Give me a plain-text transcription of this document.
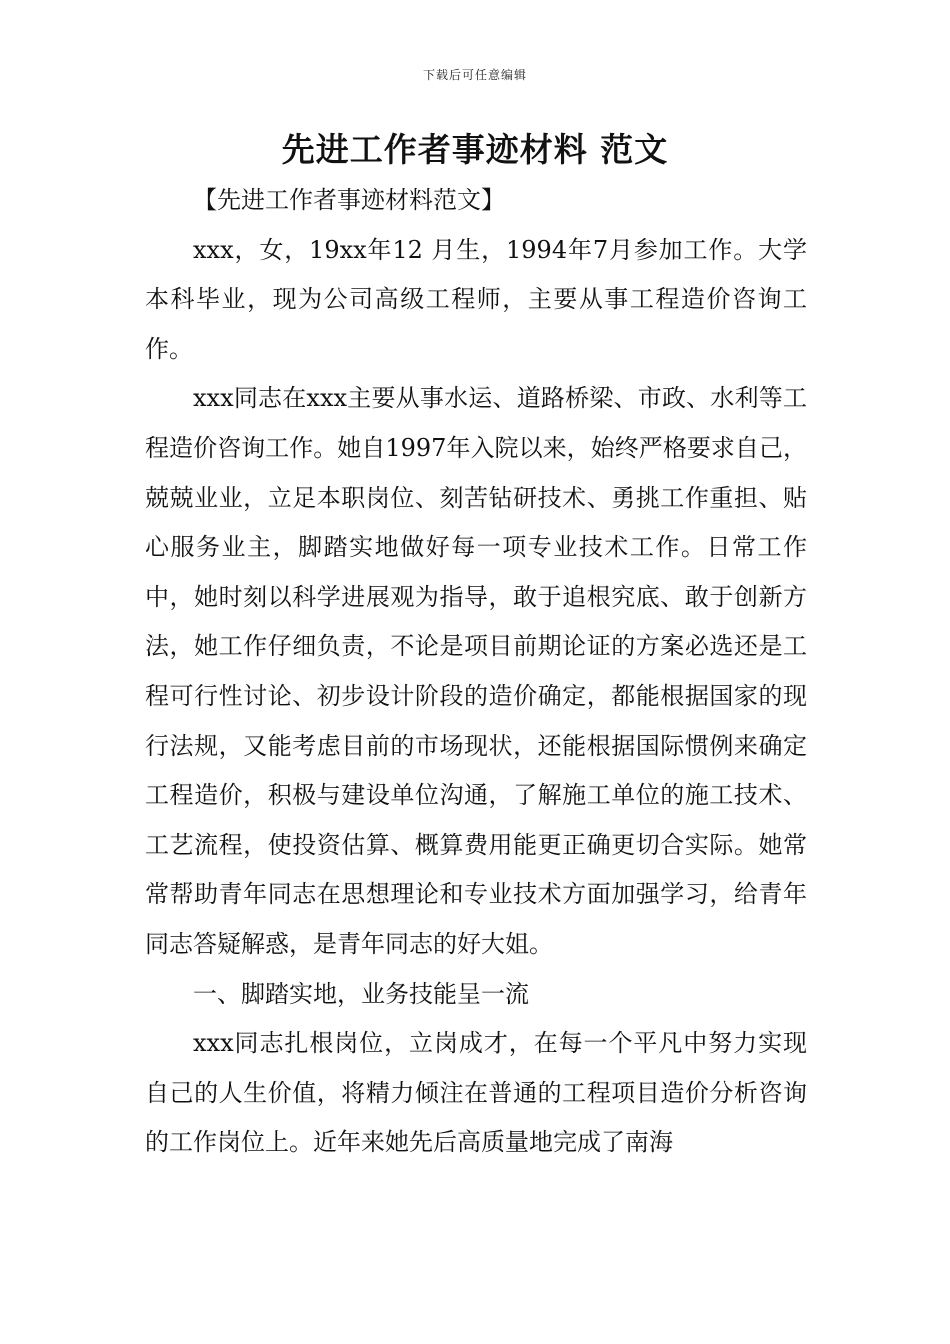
下载后可任意编辑
先进工作者事迹材料 范文

【先进工作者事迹材料范文】

xxx，女，19xx年12 月生，1994年7月参加工作。大学本科毕业，现为公司高级工程师，主要从事工程造价咨询工作。

xxx同志在xxx主要从事水运、道路桥梁、市政、水利等工程造价咨询工作。她自1997年入院以来，始终严格要求自己，兢兢业业，立足本职岗位、刻苦钻研技术、勇挑工作重担、贴心服务业主，脚踏实地做好每一项专业技术工作。日常工作中，她时刻以科学进展观为指导，敢于追根究底、敢于创新方法，她工作仔细负责，不论是项目前期论证的方案必选还是工程可行性讨论、初步设计阶段的造价确定，都能根据国家的现行法规，又能考虑目前的市场现状，还能根据国际惯例来确定工程造价，积极与建设单位沟通，了解施工单位的施工技术、工艺流程，使投资估算、概算费用能更正确更切合实际。她常常帮助青年同志在思想理论和专业技术方面加强学习，给青年同志答疑解惑，是青年同志的好大姐。

一、脚踏实地，业务技能呈一流

xxx同志扎根岗位，立岗成才，在每一个平凡中努力实现自己的人生价值，将精力倾注在普通的工程项目造价分析咨询的工作岗位上。近年来她先后高质量地完成了南海
